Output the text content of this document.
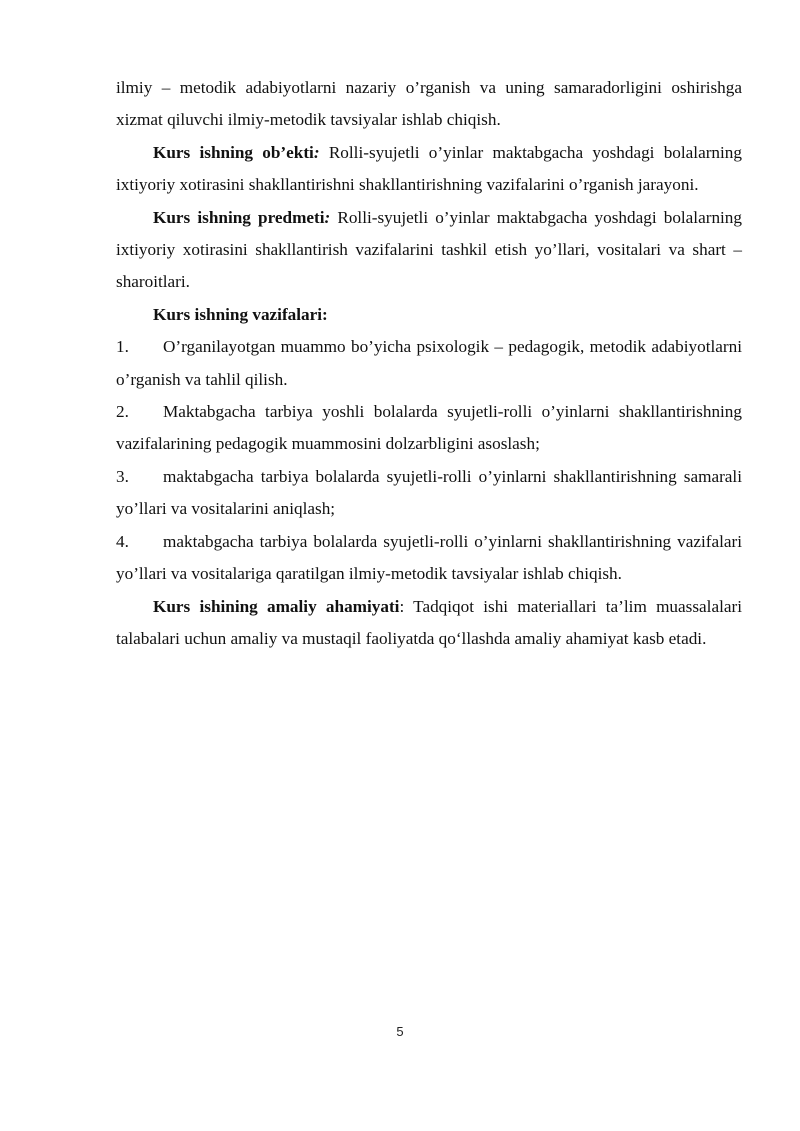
ilmiy – metodik adabiyotlarni nazariy o’rganish va uning samaradorligini oshirishga xizmat qiluvchi ilmiy-metodik tavsiyalar ishlab chiqish.

Kurs ishning ob’ekti: Rolli-syujetli o’yinlar maktabgacha yoshdagi bolalarning ixtiyoriy xotirasini shakllantirishni shakllantirishning vazifalarini o’rganish jarayoni.

Kurs ishning predmeti: Rolli-syujetli o’yinlar maktabgacha yoshdagi bolalarning ixtiyoriy xotirasini shakllantirish vazifalarini tashkil etish yo’llari, vositalari va shart – sharoitlari.

Kurs ishning vazifalari:

1. O’rganilayotgan muammo bo’yicha psixologik – pedagogik, metodik adabiyotlarni o’rganish va tahlil qilish.

2. Maktabgacha tarbiya yoshli bolalarda syujetli-rolli o’yinlarni shakllantirishning vazifalarining pedagogik muammosini dolzarbligini asoslash;

3. maktabgacha tarbiya bolalarda syujetli-rolli o’yinlarni shakllantirishning samarali yo’llari va vositalarini aniqlash;

4. maktabgacha tarbiya bolalarda syujetli-rolli o’yinlarni shakllantirishning vazifalari yo’llari va vositalariga qaratilgan ilmiy-metodik tavsiyalar ishlab chiqish.

Kurs ishining amaliy ahamiyati: Tadqiqot ishi materiallari ta’lim muassalalari talabalari uchun amaliy va mustaqil faoliyatda qo‘llashda amaliy ahamiyat kasb etadi.

5
